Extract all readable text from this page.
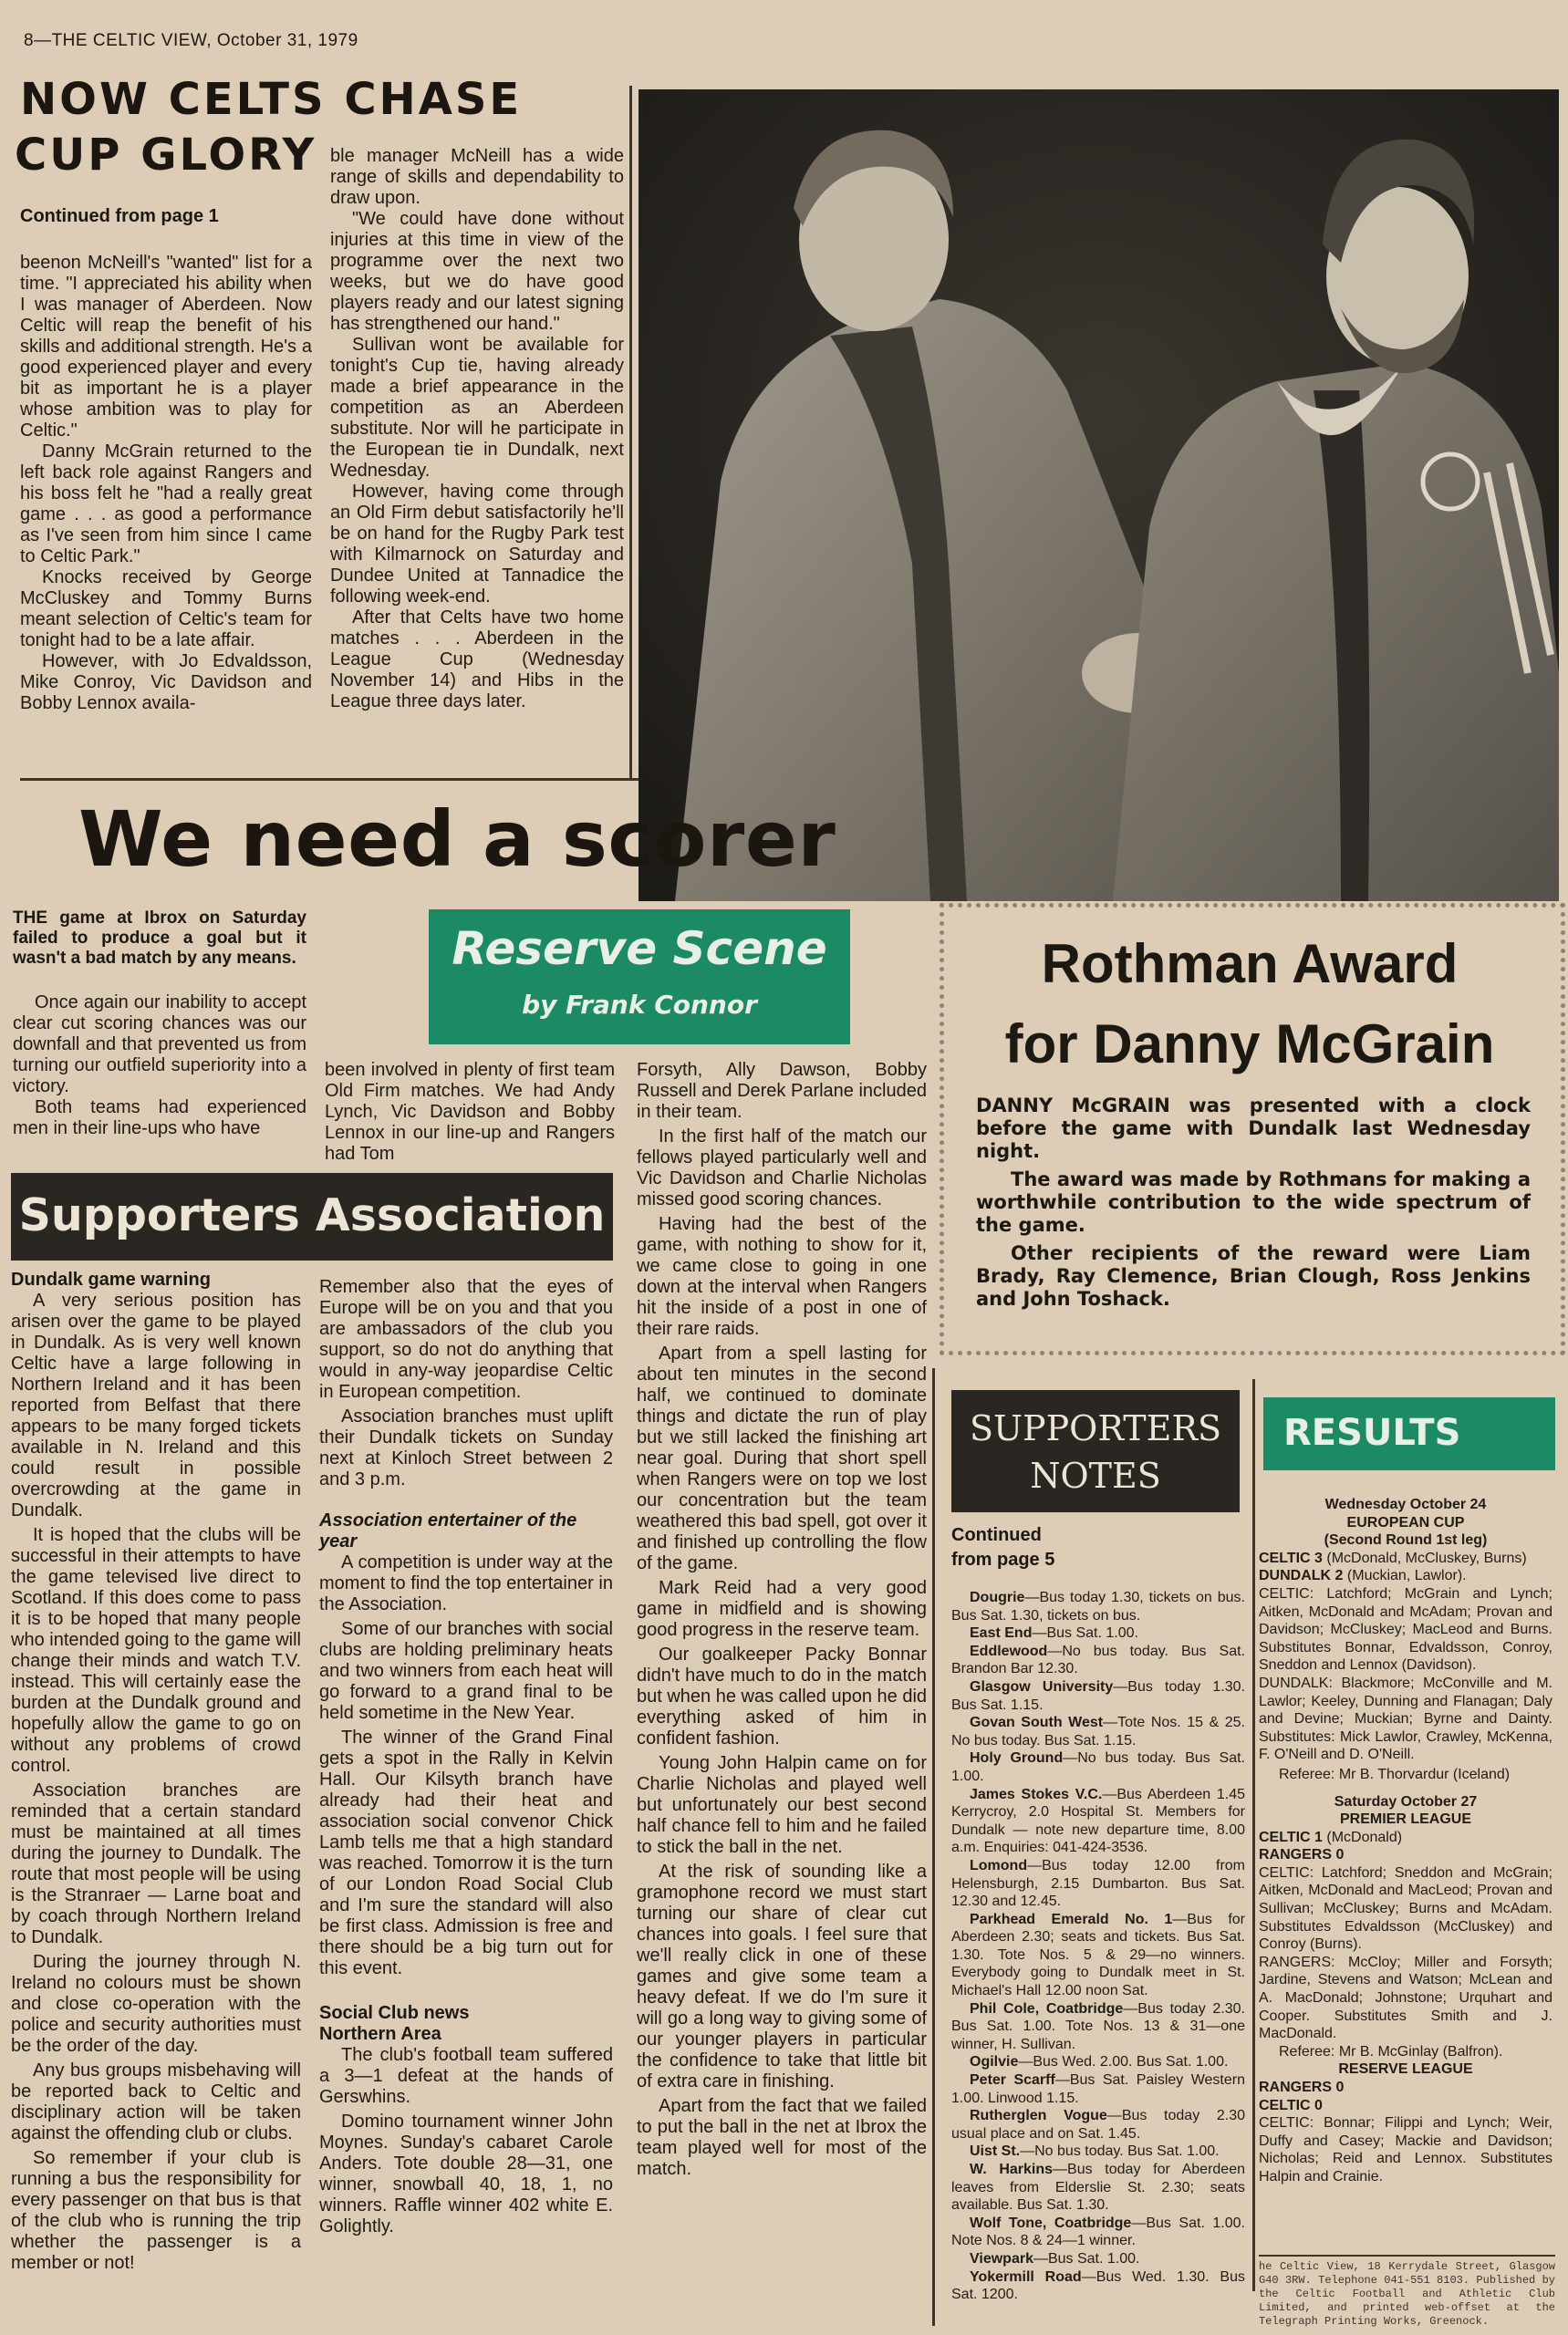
8—THE CELTIC VIEW, October 31, 1979
NOW CELTS CHASE
CUP GLORY

Continued from page 1

beenon McNeill's "wanted" list for a time. "I appreciated his ability when I was manager of Aberdeen. Now Celtic will reap the benefit of his skills and additional strength. He's a good experienced player and every bit as important he is a player whose ambition was to play for Celtic."

Danny McGrain returned to the left back role against Rangers and his boss felt he "had a really great game . . . as good a performance as I've seen from him since I came to Celtic Park."

Knocks received by George McCluskey and Tommy Burns meant selection of Celtic's team for tonight had to be a late affair.

However, with Jo Edvaldsson, Mike Conroy, Vic Davidson and Bobby Lennox availa-

ble manager McNeill has a wide range of skills and dependability to draw upon.

"We could have done without injuries at this time in view of the programme over the next two weeks, but we do have good players ready and our latest signing has strengthened our hand."

Sullivan wont be available for tonight's Cup tie, having already made a brief appearance in the competition as an Aberdeen substitute. Nor will he participate in the European tie in Dundalk, next Wednesday.

However, having come through an Old Firm debut satisfactorily he'll be on hand for the Rugby Park test with Kilmarnock on Saturday and Dundee United at Tannadice the following week-end.

After that Celts have two home matches . . . Aberdeen in the League Cup (Wednesday November 14) and Hibs in the League three days later.

We need a scorer
THE game at Ibrox on Saturday failed to produce a goal but it wasn't a bad match by any means.	Reserve Scene
by Frank Connor

Once again our inability to accept clear cut scoring chances was our downfall and that prevented us from turning our outfield superiority into a victory.

Both teams had experienced men in their line-ups who have

been involved in plenty of first team Old Firm matches. We had Andy Lynch, Vic Davidson and Bobby Lennox in our line-up and Rangers had Tom

Forsyth, Ally Dawson, Bobby Russell and Derek Parlane included in their team.

In the first half of the match our fellows played particularly well and Vic Davidson and Charlie Nicholas missed good scoring chances.

Having had the best of the game, with nothing to show for it, we came close to going in one down at the interval when Rangers hit the inside of a post in one of their rare raids.

Apart from a spell lasting for about ten minutes in the second half, we continued to dominate things and dictate the run of play but we still lacked the finishing art near goal. During that short spell when Rangers were on top we lost our concentration but the team weathered this bad spell, got over it and finished up controlling the flow of the game.

Mark Reid had a very good game in midfield and is showing good progress in the reserve team.

Our goalkeeper Packy Bonnar didn't have much to do in the match but when he was called upon he did everything asked of him in confident fashion.

Young John Halpin came on for Charlie Nicholas and played well but unfortunately our best second half chance fell to him and he failed to stick the ball in the net.

At the risk of sounding like a gramophone record we must start turning our share of clear cut chances into goals. I feel sure that we'll really click in one of these games and give some team a heavy defeat. If we do I'm sure it will go a long way to giving some of our younger players in particular the confidence to take that little bit of extra care in finishing.

Apart from the fact that we failed to put the ball in the net at Ibrox the team played well for most of the match.

Rothman Award
for Danny McGrain

DANNY McGRAIN was presented with a clock before the game with Dundalk last Wednesday night.

The award was made by Rothmans for making a worthwhile contribution to the wide spectrum of the game.

Other recipients of the reward were Liam Brady, Ray Clemence, Brian Clough, Ross Jenkins and John Toshack.

Supporters Association

Dundalk game warning

A very serious position has arisen over the game to be played in Dundalk. As is very well known Celtic have a large following in Northern Ireland and it has been reported from Belfast that there appears to be many forged tickets available in N. Ireland and this could result in possible overcrowding at the game in Dundalk.

It is hoped that the clubs will be successful in their attempts to have the game televised live direct to Scotland. If this does come to pass it is to be hoped that many people who intended going to the game will change their minds and watch T.V. instead. This will certainly ease the burden at the Dundalk ground and hopefully allow the game to go on without any problems of crowd control.

Association branches are reminded that a certain standard must be maintained at all times during the journey to Dundalk. The route that most people will be using is the Stranraer — Larne boat and by coach through Northern Ireland to Dundalk.

During the journey through N. Ireland no colours must be shown and close co-operation with the police and security authorities must be the order of the day.

Any bus groups misbehaving will be reported back to Celtic and disciplinary action will be taken against the offending club or clubs.

So remember if your club is running a bus the responsibility for every passenger on that bus is that of the club who is running the trip whether the passenger is a member or not!

Remember also that the eyes of Europe will be on you and that you are ambassadors of the club you support, so do not do anything that would in any-way jeopardise Celtic in European competition.

Association branches must uplift their Dundalk tickets on Sunday next at Kinloch Street between 2 and 3 p.m.

Association entertainer of the year

A competition is under way at the moment to find the top entertainer in the Association.

Some of our branches with social clubs are holding preliminary heats and two winners from each heat will go forward to a grand final to be held sometime in the New Year.

The winner of the Grand Final gets a spot in the Rally in Kelvin Hall. Our Kilsyth branch have already had their heat and association social convenor Chick Lamb tells me that a high standard was reached. Tomorrow it is the turn of our London Road Social Club and I'm sure the standard will also be first class. Admission is free and there should be a big turn out for this event.

Social Club news

Northern Area

The club's football team suffered a 3—1 defeat at the hands of Gerswhins.

Domino tournament winner John Moynes. Sunday's cabaret Carole Anders. Tote double 28—31, one winner, snowball 40, 18, 1, no winners. Raffle winner 402 white E. Golightly.

SUPPORTERS
NOTES

Continued

from page 5

Dougrie—Bus today 1.30, tickets on bus. Bus Sat. 1.30, tickets on bus.

East End—Bus Sat. 1.00.

Eddlewood—No bus today. Bus Sat. Brandon Bar 12.30.

Glasgow University—Bus today 1.30. Bus Sat. 1.15.

Govan South West—Tote Nos. 15 & 25. No bus today. Bus Sat. 1.15.

Holy Ground—No bus today. Bus Sat. 1.00.

James Stokes V.C.—Bus Aberdeen 1.45 Kerrycroy, 2.0 Hospital St. Members for Dundalk — note new departure time, 8.00 a.m. Enquiries: 041-424-3536.

Lomond—Bus today 12.00 from Helensburgh, 2.15 Dumbarton. Bus Sat. 12.30 and 12.45.

Parkhead Emerald No. 1—Bus for Aberdeen 2.30; seats and tickets. Bus Sat. 1.30. Tote Nos. 5 & 29—no winners. Everybody going to Dundalk meet in St. Michael's Hall 12.00 noon Sat.

Phil Cole, Coatbridge—Bus today 2.30. Bus Sat. 1.00. Tote Nos. 13 & 31—one winner, H. Sullivan.

Ogilvie—Bus Wed. 2.00. Bus Sat. 1.00.

Peter Scarff—Bus Sat. Paisley Western 1.00. Linwood 1.15.

Rutherglen Vogue—Bus today 2.30 usual place and on Sat. 1.45.

Uist St.—No bus today. Bus Sat. 1.00.

W. Harkins—Bus today for Aberdeen leaves from Elderslie St. 2.30; seats available. Bus Sat. 1.30.

Wolf Tone, Coatbridge—Bus Sat. 1.00. Note Nos. 8 & 24—1 winner.

Viewpark—Bus Sat. 1.00.

Yokermill Road—Bus Wed. 1.30. Bus Sat. 1200.

RESULTS

Wednesday October 24

EUROPEAN CUP

(Second Round 1st leg)

CELTIC 3 (McDonald, McCluskey, Burns)

DUNDALK 2 (Muckian, Lawlor).

CELTIC: Latchford; McGrain and Lynch; Aitken, McDonald and McAdam; Provan and Davidson; McCluskey; MacLeod and Burns. Substitutes Bonnar, Edvaldsson, Conroy, Sneddon and Lennox (Davidson).

DUNDALK: Blackmore; McConville and M. Lawlor; Keeley, Dunning and Flanagan; Daly and Devine; Muckian; Byrne and Dainty. Substitutes: Mick Lawlor, Crawley, McKenna, F. O'Neill and D. O'Neill.

Referee: Mr B. Thorvardur (Iceland)

Saturday October 27

PREMIER LEAGUE

CELTIC 1 (McDonald)

RANGERS 0

CELTIC: Latchford; Sneddon and McGrain; Aitken, McDonald and MacLeod; Provan and Sullivan; McCluskey; Burns and McAdam. Substitutes Edvaldsson (McCluskey) and Conroy (Burns).

RANGERS: McCloy; Miller and Forsyth; Jardine, Stevens and Watson; McLean and A. MacDonald; Johnstone; Urquhart and Cooper. Substitutes Smith and J. MacDonald.

Referee: Mr B. McGinlay (Balfron).

RESERVE LEAGUE

RANGERS 0

CELTIC 0

CELTIC: Bonnar; Filippi and Lynch; Weir, Duffy and Casey; Mackie and Davidson; Nicholas; Reid and Lennox. Substitutes Halpin and Crainie.

he Celtic View, 18 Kerrydale Street, Glasgow G40 3RW. Telephone 041-551 8103. Published by the Celtic Football and Athletic Club Limited, and printed web-offset at the Telegraph Printing Works, Greenock.
